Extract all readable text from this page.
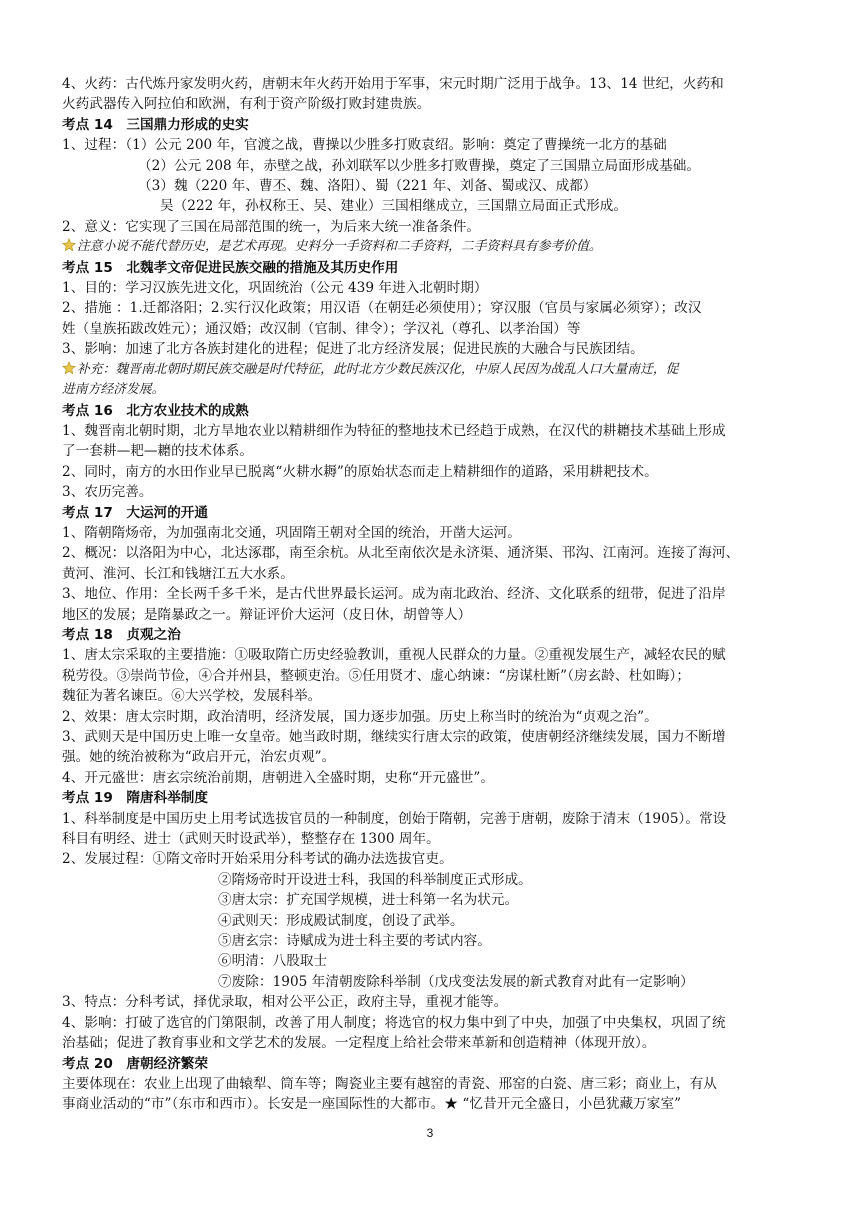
4、火药：古代炼丹家发明火药，唐朝末年火药开始用于军事，宋元时期广泛用于战争。13、14 世纪，火药和
火药武器传入阿拉伯和欧洲，有利于资产阶级打败封建贵族。
考点 14　三国鼎力形成的史实
1、过程：（1）公元 200 年，官渡之战，曹操以少胜多打败袁绍。影响：奠定了曹操统一北方的基础
（2）公元 208 年，赤壁之战，孙刘联军以少胜多打败曹操，奠定了三国鼎立局面形成基础。
（3）魏（220 年、曹丕、魏、洛阳）、蜀（221 年、刘备、蜀或汉、成都）
吴（222 年，孙权称王、吴、建业）三国相继成立，三国鼎立局面正式形成。
2、意义：它实现了三国在局部范围的统一，为后来大统一准备条件。
注意小说不能代替历史，是艺术再现。史料分一手资料和二手资料，二手资料具有参考价值。
考点 15　北魏孝文帝促进民族交融的措施及其历史作用
1、目的：学习汉族先进文化，巩固统治（公元 439 年进入北朝时期）
2、措施 ：1.迁都洛阳；2.实行汉化政策；用汉语（在朝廷必须使用）；穿汉服（官员与家属必须穿）；改汉
姓（皇族拓跋改姓元）；通汉婚；改汉制（官制、律令）；学汉礼（尊孔、以孝治国）等
3、影响：加速了北方各族封建化的进程；促进了北方经济发展；促进民族的大融合与民族团结。
补充：魏晋南北朝时期民族交融是时代特征，此时北方少数民族汉化，中原人民因为战乱人口大量南迁，促
进南方经济发展。
考点 16　北方农业技术的成熟
1、魏晋南北朝时期，北方旱地农业以精耕细作为特征的整地技术已经趋于成熟，在汉代的耕耱技术基础上形成
了一套耕—耙—耱的技术体系。
2、同时，南方的水田作业早已脱离“火耕水耨”的原始状态而走上精耕细作的道路，采用耕耙技术。
3、农历完善。
考点 17　大运河的开通
1、隋朝隋炀帝，为加强南北交通，巩固隋王朝对全国的统治，开凿大运河。
2、概况：以洛阳为中心，北达涿郡，南至余杭。从北至南依次是永济渠、通济渠、邗沟、江南河。连接了海河、
黄河、淮河、长江和钱塘江五大水系。
3、地位、作用：全长两千多千米，是古代世界最长运河。成为南北政治、经济、文化联系的纽带，促进了沿岸
地区的发展；是隋暴政之一。辩证评价大运河（皮日休，胡曾等人）
考点 18　贞观之治
1、唐太宗采取的主要措施：①吸取隋亡历史经验教训，重视人民群众的力量。②重视发展生产，减轻农民的赋
税劳役。③崇尚节俭，④合并州县，整顿吏治。⑤任用贤才、虚心纳谏：“房谋杜断”（房玄龄、杜如晦）；
魏征为著名谏臣。⑥大兴学校，发展科举。
2、效果：唐太宗时期，政治清明，经济发展，国力逐步加强。历史上称当时的统治为“贞观之治”。
3、武则天是中国历史上唯一女皇帝。她当政时期，继续实行唐太宗的政策，使唐朝经济继续发展，国力不断增
强。她的统治被称为“政启开元，治宏贞观”。
4、开元盛世：唐玄宗统治前期，唐朝进入全盛时期，史称“开元盛世”。
考点 19　隋唐科举制度
1、科举制度是中国历史上用考试选拔官员的一种制度，创始于隋朝，完善于唐朝，废除于清末（1905）。常设
科目有明经、进士（武则天时设武举），整整存在 1300 周年。
2、发展过程：①隋文帝时开始采用分科考试的确办法选拔官吏。
②隋炀帝时开设进士科，我国的科举制度正式形成。
③唐太宗：扩充国学规模，进士科第一名为状元。
④武则天：形成殿试制度，创设了武举。
⑤唐玄宗：诗赋成为进士科主要的考试内容。
⑥明清：八股取士
⑦废除：1905 年清朝废除科举制（戊戌变法发展的新式教育对此有一定影响）
3、特点：分科考试，择优录取，相对公平公正，政府主导，重视才能等。
4、影响：打破了选官的门第限制，改善了用人制度；将选官的权力集中到了中央，加强了中央集权，巩固了统
治基础；促进了教育事业和文学艺术的发展。一定程度上给社会带来革新和创造精神（体现开放）。
考点 20　唐朝经济繁荣
主要体现在：农业上出现了曲辕犁、筒车等；陶瓷业主要有越窑的青瓷、邢窑的白瓷、唐三彩；商业上，有从
事商业活动的“市”（东市和西市）。长安是一座国际性的大都市。★ “忆昔开元全盛日，小邑犹藏万家室”
3
